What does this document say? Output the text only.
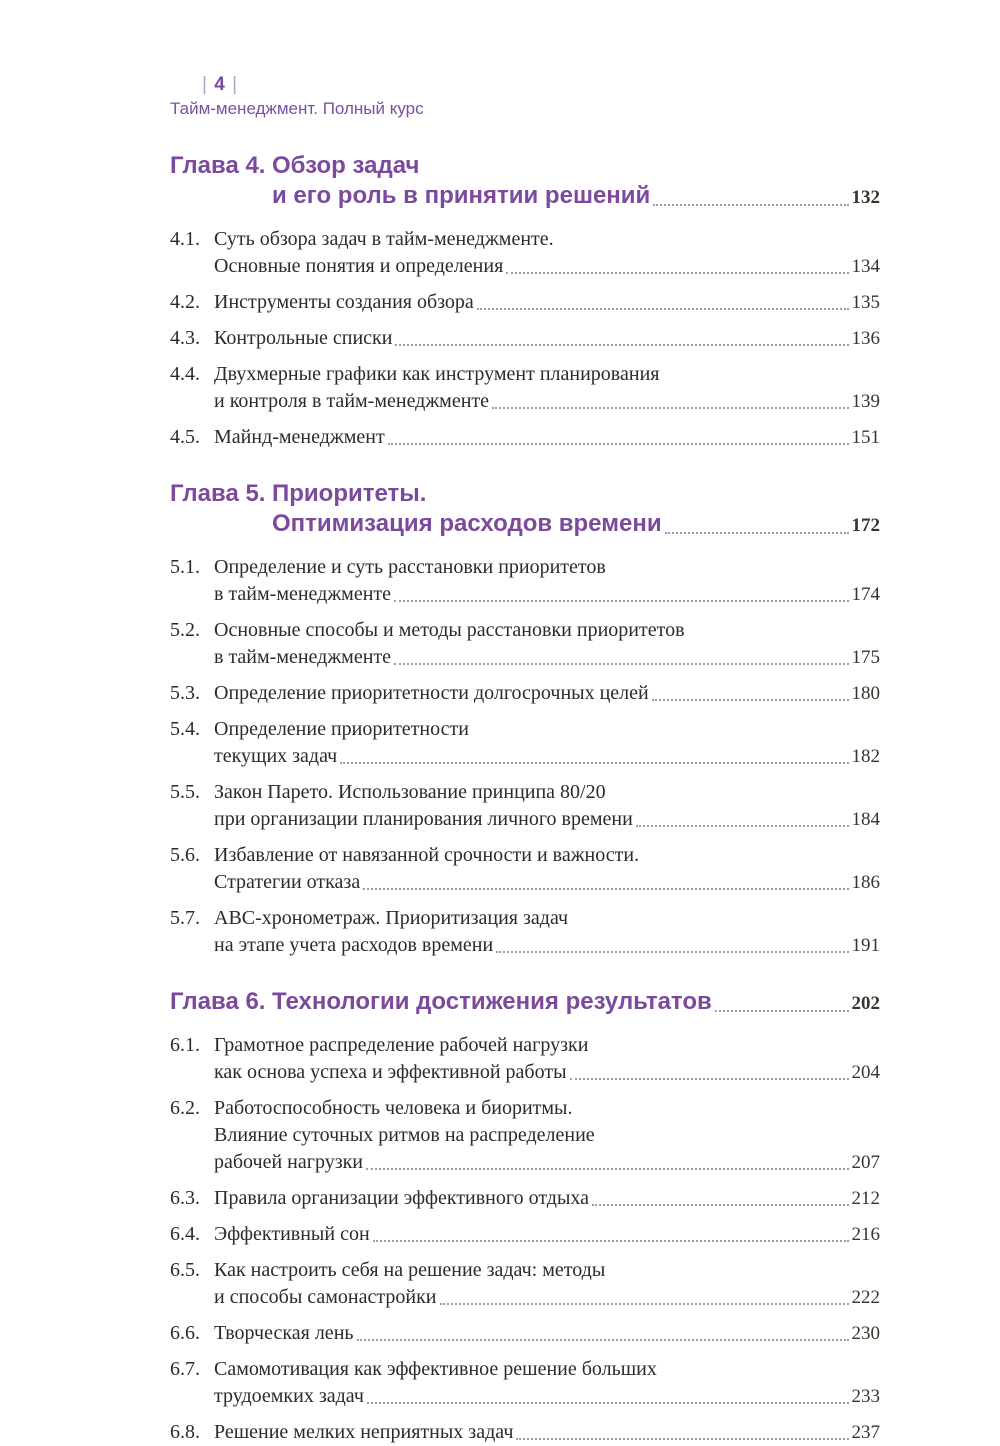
| 4 |
Тайм-менеджмент. Полный курс
Глава 4. Обзор задач
и его роль в принятии решений	132
4.1. Суть обзора задач в тайм-менеджменте.
Основные понятия и определения	134
4.2. Инструменты создания обзора	135
4.3. Контрольные списки	136
4.4. Двухмерные графики как инструмент планирования
и контроля в тайм-менеджменте	139
4.5. Майнд-менеджмент	151
Глава 5. Приоритеты.
Оптимизация расходов времени	172
5.1. Определение и суть расстановки приоритетов
в тайм-менеджменте	174
5.2. Основные способы и методы расстановки приоритетов
в тайм-менеджменте	175
5.3. Определение приоритетности долгосрочных целей	180
5.4. Определение приоритетности
текущих задач	182
5.5. Закон Парето. Использование принципа 80/20
при организации планирования личного времени	184
5.6. Избавление от навязанной срочности и важности.
Стратегии отказа	186
5.7. АВС-хронометраж. Приоритизация задач
на этапе учета расходов времени	191
Глава 6. Технологии достижения результатов	202
6.1. Грамотное распределение рабочей нагрузки
как основа успеха и эффективной работы	204
6.2. Работоспособность человека и биоритмы.
Влияние суточных ритмов на распределение
рабочей нагрузки	207
6.3. Правила организации эффективного отдыха	212
6.4. Эффективный сон	216
6.5. Как настроить себя на решение задач: методы
и способы самонастройки	222
6.6. Творческая лень	230
6.7. Самомотивация как эффективное решение больших
трудоемких задач	233
6.8. Решение мелких неприятных задач	237
